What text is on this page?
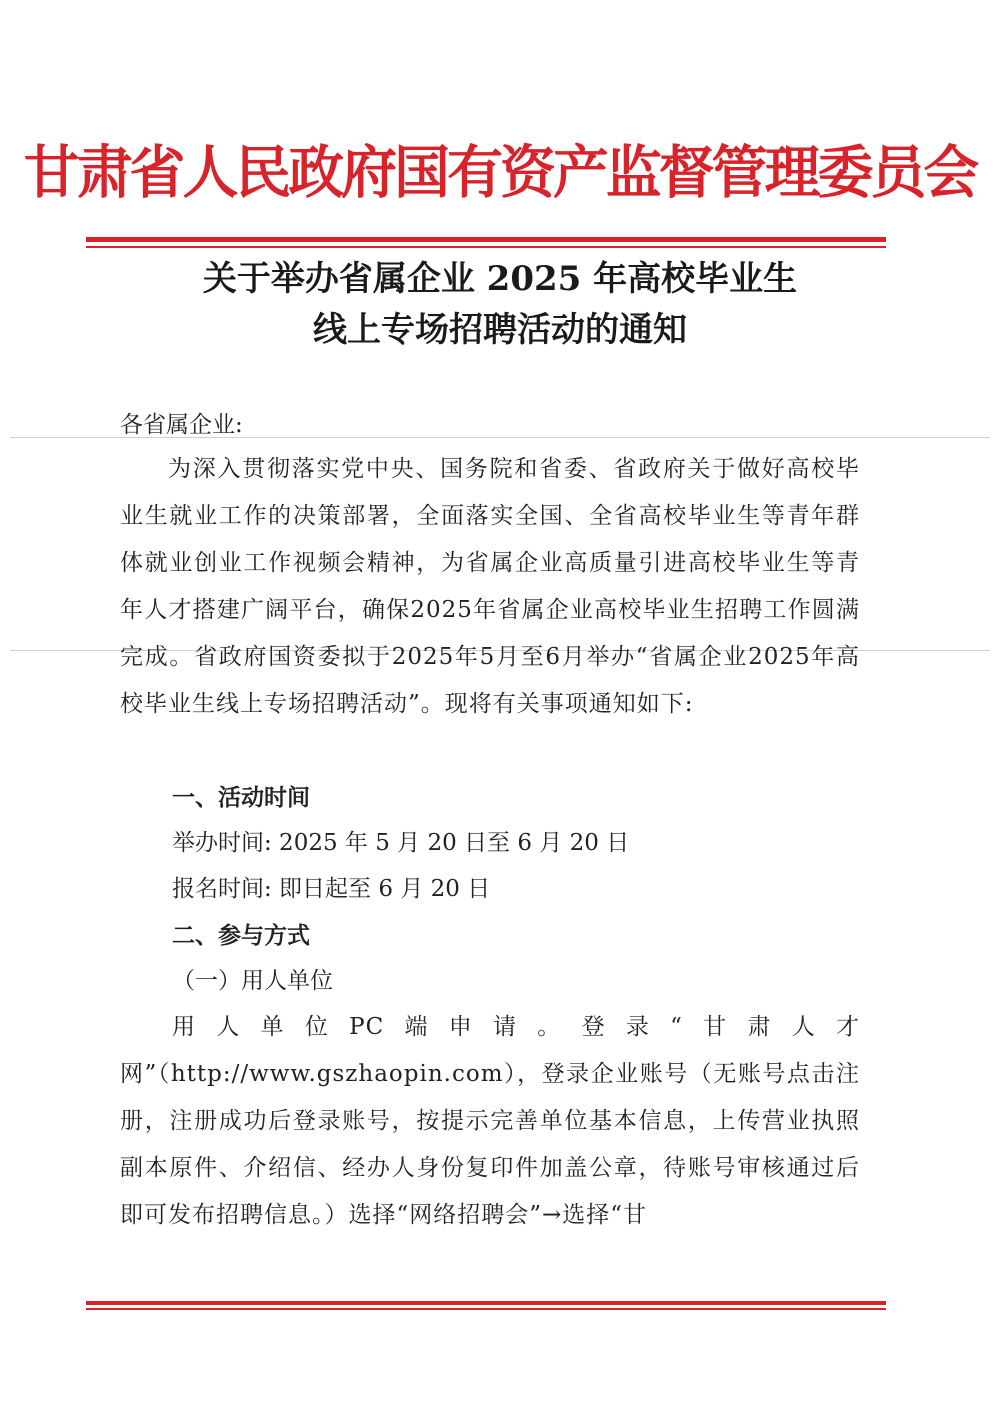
甘肃省人民政府国有资产监督管理委员会
关于举办省属企业 2025 年高校毕业生
线上专场招聘活动的通知
各省属企业:
为深入贯彻落实党中央、国务院和省委、省政府关于做好高校毕业生就业工作的决策部署，全面落实全国、全省高校毕业生等青年群体就业创业工作视频会精神，为省属企业高质量引进高校毕业生等青年人才搭建广阔平台，确保2025年省属企业高校毕业生招聘工作圆满完成。省政府国资委拟于2025年5月至6月举办“省属企业2025年高校毕业生线上专场招聘活动”。现将有关事项通知如下:
一、活动时间
举办时间: 2025 年 5 月 20 日至 6 月 20 日
报名时间: 即日起至 6 月 20 日
二、参与方式
（一）用人单位
用人单位PC端申请。登录“甘肃人才网”（http://www.gszhaopin.com），登录企业账号（无账号点击注册，注册成功后登录账号，按提示完善单位基本信息，上传营业执照副本原件、介绍信、经办人身份复印件加盖公章，待账号审核通过后即可发布招聘信息。）选择“网络招聘会”→选择“甘
